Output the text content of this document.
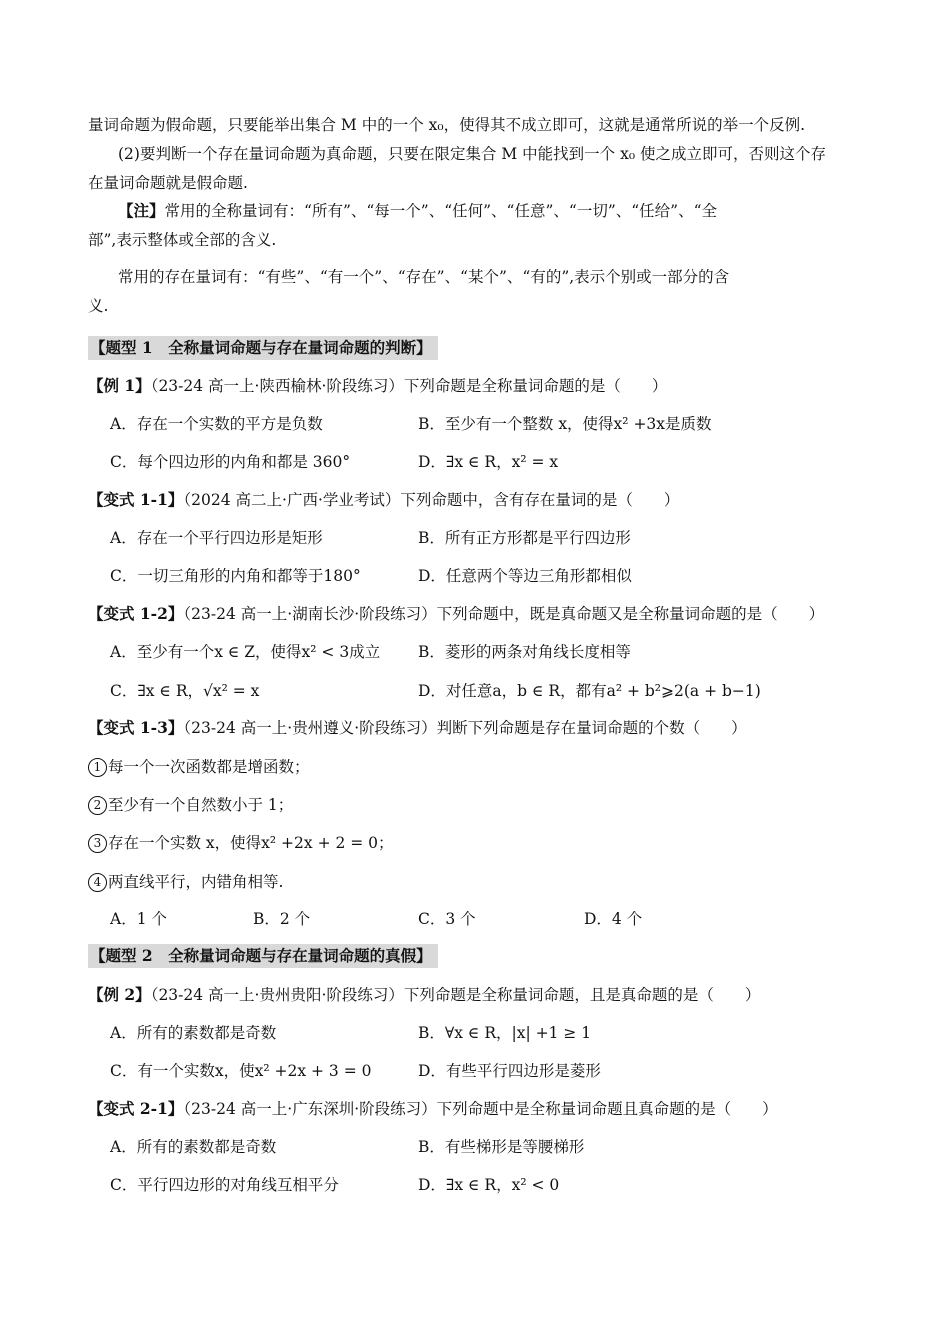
量词命题为假命题，只要能举出集合 M 中的一个 x₀，使得其不成立即可，这就是通常所说的举一个反例.
(2)要判断一个存在量词命题为真命题，只要在限定集合 M 中能找到一个 x₀ 使之成立即可，否则这个存
在量词命题就是假命题.
【注】常用的全称量词有：“所有”、“每一个”、“任何”、“任意”、“一切”、“任给”、“全
部”,表示整体或全部的含义.
常用的存在量词有：“有些”、“有一个”、“存在”、“某个”、“有的”,表示个别或一部分的含
义.
【题型 1　全称量词命题与存在量词命题的判断】
【例 1】（23-24 高一上·陕西榆林·阶段练习）下列命题是全称量词命题的是（　　）
A．存在一个实数的平方是负数	B．至少有一个整数 x，使得x² +3x是质数
C．每个四边形的内角和都是 360°	D．∃x ∈ R，x² = x
【变式 1-1】（2024 高二上·广西·学业考试）下列命题中，含有存在量词的是（　　）
A．存在一个平行四边形是矩形	B．所有正方形都是平行四边形
C．一切三角形的内角和都等于180°	D．任意两个等边三角形都相似
【变式 1-2】（23-24 高一上·湖南长沙·阶段练习）下列命题中，既是真命题又是全称量词命题的是（　　）
A．至少有一个x ∈ Z，使得x² < 3成立 B．菱形的两条对角线长度相等
C．∃x ∈ R，√x² = x	D．对任意a，b ∈ R，都有a² + b²⩾2(a + b−1)
【变式 1-3】（23-24 高一上·贵州遵义·阶段练习）判断下列命题是存在量词命题的个数（　　）
1 每一个一次函数都是增函数；
2 至少有一个自然数小于 1；
3 存在一个实数 x，使得x² +2x + 2 = 0；
4 两直线平行，内错角相等.
A．1 个	B．2 个	C．3 个	D．4 个
【题型 2　全称量词命题与存在量词命题的真假】
【例 2】（23-24 高一上·贵州贵阳·阶段练习）下列命题是全称量词命题，且是真命题的是（　　）
A．所有的素数都是奇数	B．∀x ∈ R，|x| +1 ≥ 1
C．有一个实数x，使x² +2x + 3 = 0	D．有些平行四边形是菱形
【变式 2-1】（23-24 高一上·广东深圳·阶段练习）下列命题中是全称量词命题且真命题的是（　　）
A．所有的素数都是奇数	B．有些梯形是等腰梯形
C．平行四边形的对角线互相平分	D．∃x ∈ R，x² < 0
